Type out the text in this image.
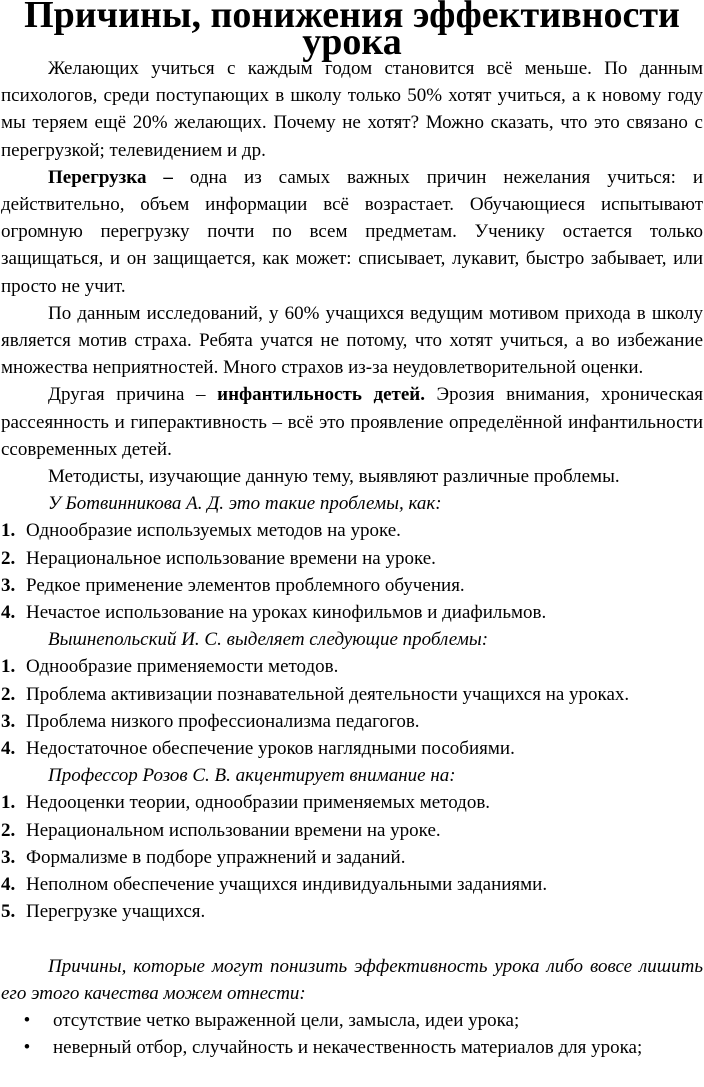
Причины, понижения эффективности урока

Желающих учиться с каждым годом становится всё меньше. По данным психологов, среди поступающих в школу только 50% хотят учиться, а к новому году мы теряем ещё 20% желающих. Почему не хотят? Можно сказать, что это связано с перегрузкой; телевидением и др.

Перегрузка – одна из самых важных причин нежелания учиться: и действительно, объем информации всё возрастает. Обучающиеся испытывают огромную перегрузку почти по всем предметам. Ученику остается только защищаться, и он защищается, как может: списывает, лукавит, быстро забывает, или просто не учит.

По данным исследований, у 60% учащихся ведущим мотивом прихода в школу является мотив страха. Ребята учатся не потому, что хотят учиться, а во избежание множества неприятностей. Много страхов из-за неудовлетворительной оценки.

Другая причина – инфантильность детей. Эрозия внимания, хроническая рассеянность и гиперактивность – всё это проявление определённой инфантильности ссовременных детей.

Методисты, изучающие данную тему, выявляют различные проблемы.

У Ботвинникова А. Д. это такие проблемы, как:

1. Однообразие используемых методов на уроке.
2. Нерациональное использование времени на уроке.
3. Редкое применение элементов проблемного обучения.
4. Нечастое использование на уроках кинофильмов и диафильмов.

Вышнепольский И. С. выделяет следующие проблемы:

1. Однообразие применяемости методов.
2. Проблема активизации познавательной деятельности учащихся на уроках.
3. Проблема низкого профессионализма педагогов.
4. Недостаточное обеспечение уроков наглядными пособиями.

Профессор Розов С. В. акцентирует внимание на:

1. Недооценки теории, однообразии применяемых методов.
2. Нерациональном использовании времени на уроке.
3. Формализме в подборе упражнений и заданий.
4. Неполном обеспечение учащихся индивидуальными заданиями.
5. Перегрузке учащихся.

Причины, которые могут понизить эффективность урока либо вовсе лишить его этого качества можем отнести:

•	отсутствие четко выраженной цели, замысла, идеи урока;
•	неверный отбор, случайность и некачественность материалов для урока;
